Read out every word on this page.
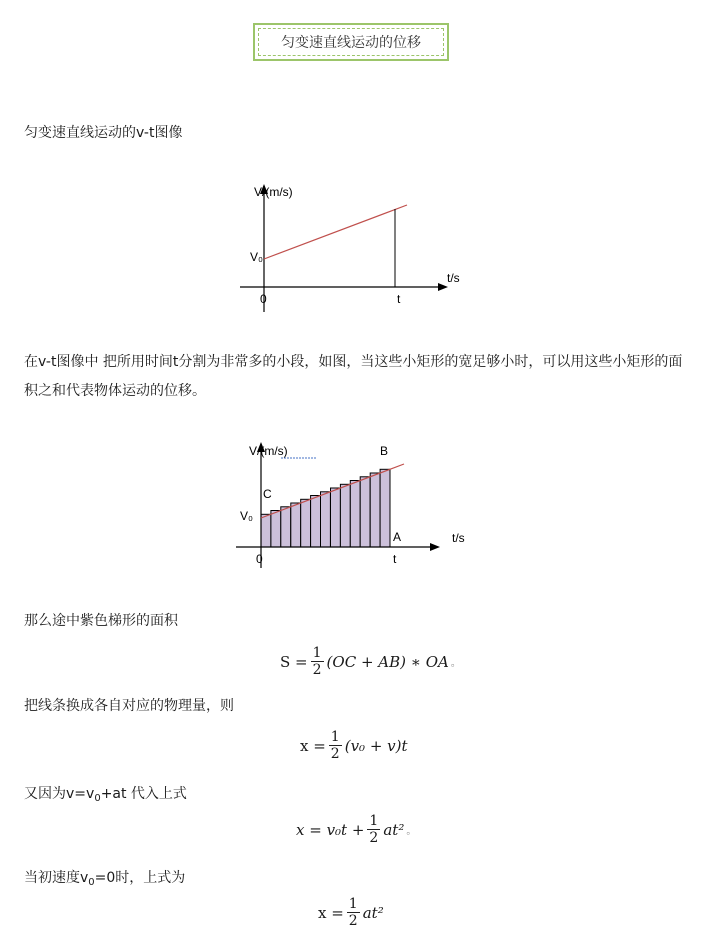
匀变速直线运动的位移
匀变速直线运动的v-t图像
V/(m/s)
t/s
V₀
0	t
在v-t图像中 把所用时间t分割为非常多的小段，如图，当这些小矩形的宽足够小时，可以用这些小矩形的面积之和代表物体运动的位移。
V/(m/s)
t/s
V₀
0	t
B
C
A
那么途中紫色梯形的面积
$S = \frac{1}{2} (OC + AB)$ ∗ OA 。
把线条换成各自对应的物理量，则
$x = \frac{1}{2} (v_0 + v)t$
又因为$v=v_0+at$ 代入上式
$x = v_0t + \frac{1}{2} at^2$ 。
当初速度$v_0=0$时，上式为
$x = \frac{1}{2} at^2$
